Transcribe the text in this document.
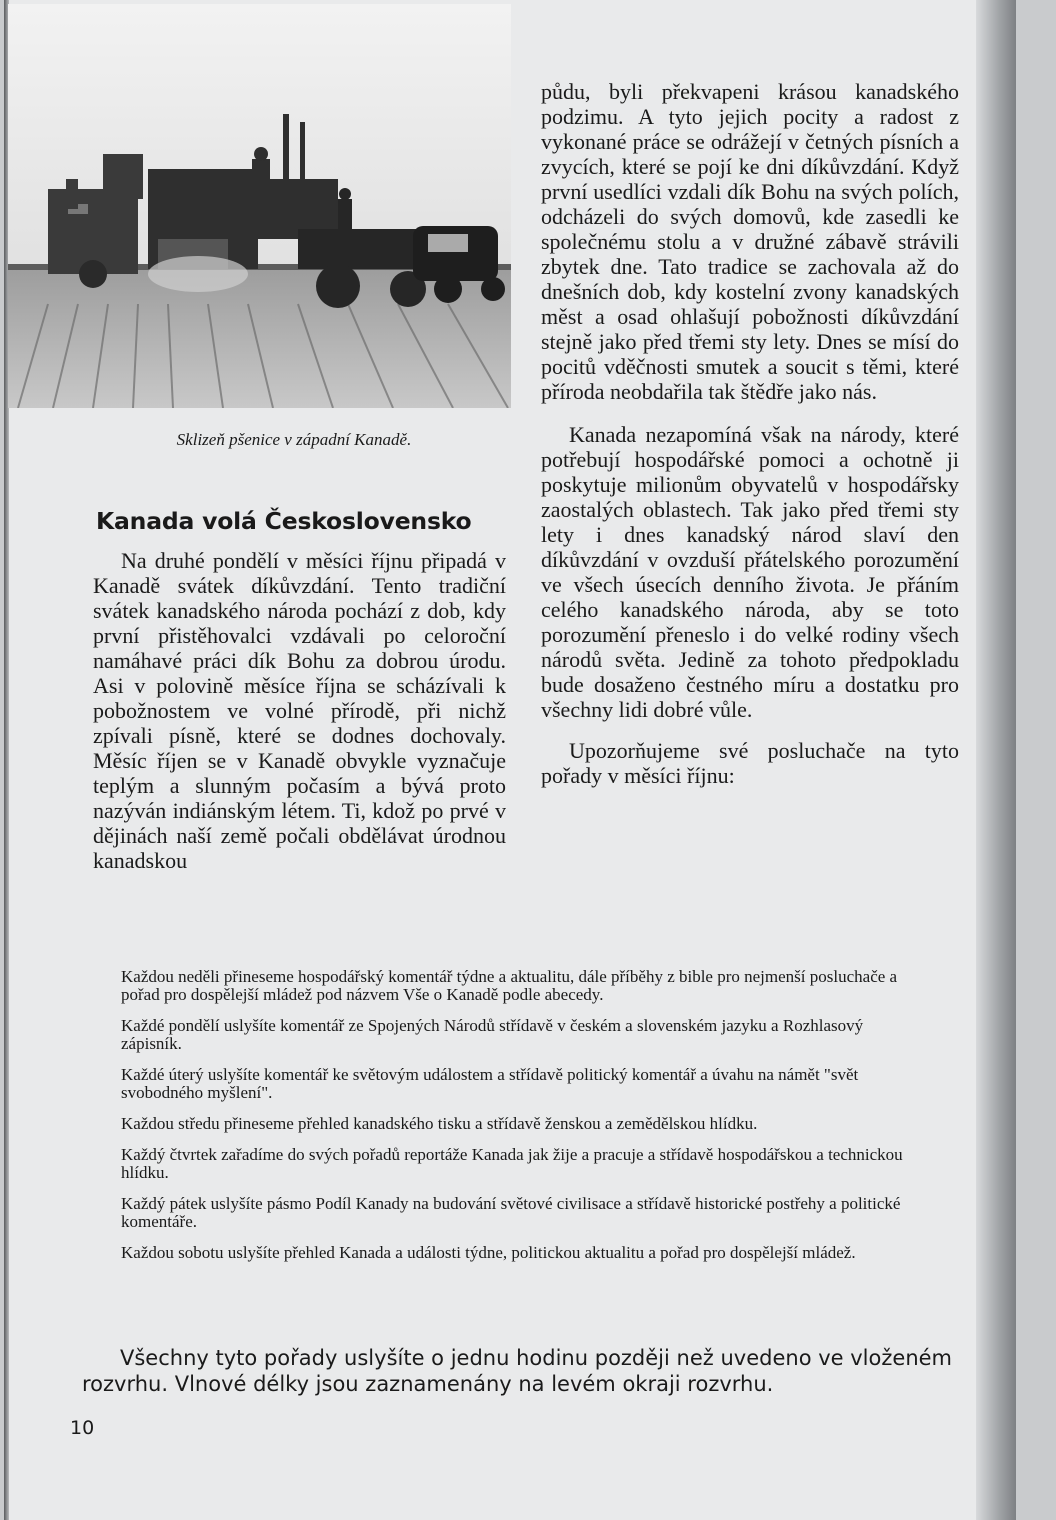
Sklizeň pšenice v západní Kanadě.
Kanada volá Československo

Na druhé pondělí v měsíci říjnu připadá v Kanadě svátek díkůvzdání. Tento tradiční svátek kanadského národa pochází z dob, kdy první přistěhovalci vzdávali po celoroční namáhavé práci dík Bohu za dobrou úrodu. Asi v polovině měsíce října se scházívali k pobožnostem ve volné přírodě, při nichž zpívali písně, které se dodnes dochovaly. Měsíc říjen se v Kanadě obvykle vyznačuje teplým a slunným počasím a bývá proto nazýván indiánským létem. Ti, kdož po prvé v dějinách naší země počali obdělávat úrodnou kanadskou

půdu, byli překvapeni krásou kanadského podzimu. A tyto jejich pocity a radost z vykonané práce se odrážejí v četných písních a zvycích, které se pojí ke dni díkůvzdání. Když první usedlíci vzdali dík Bohu na svých polích, odcházeli do svých domovů, kde zasedli ke společnému stolu a v družné zábavě strávili zbytek dne. Tato tradice se zachovala až do dnešních dob, kdy kostelní zvony kanadských měst a osad ohlašují pobožnosti díkůvzdání stejně jako před třemi sty lety. Dnes se mísí do pocitů vděčnosti smutek a soucit s těmi, které příroda neobdařila tak štědře jako nás.

Kanada nezapomíná však na národy, které potřebují hospodářské pomoci a ochotně ji poskytuje milionům obyvatelů v hospodářsky zaostalých oblastech. Tak jako před třemi sty lety i dnes kanadský národ slaví den díkůvzdání v ovzduší přátelského porozumění ve všech úsecích denního života. Je přáním celého kanadského národa, aby se toto porozumění přeneslo i do velké rodiny všech národů světa. Jedině za tohoto předpokladu bude dosaženo čestného míru a dostatku pro všechny lidi dobré vůle.

Upozorňujeme své posluchače na tyto pořady v měsíci říjnu:

Každou neděli přineseme hospodářský komentář týdne a aktualitu, dále příběhy z bible pro nejmenší posluchače a pořad pro dospělejší mládež pod názvem Vše o Kanadě podle abecedy.

Každé pondělí uslyšíte komentář ze Spojených Národů střídavě v českém a slovenském jazyku a Rozhlasový zápisník.

Každé úterý uslyšíte komentář ke světovým událostem a střídavě politický komentář a úvahu na námět "svět svobodného myšlení".

Každou středu přineseme přehled kanadského tisku a střídavě ženskou a zemědělskou hlídku.

Každý čtvrtek zařadíme do svých pořadů reportáže Kanada jak žije a pracuje a střídavě hospodářskou a technickou hlídku.

Každý pátek uslyšíte pásmo Podíl Kanady na budování světové civilisace a střídavě historické postřehy a politické komentáře.

Každou sobotu uslyšíte přehled Kanada a události týdne, politickou aktualitu a pořad pro dospělejší mládež.

Všechny tyto pořady uslyšíte o jednu hodinu později než uvedeno ve vloženém rozvrhu. Vlnové délky jsou zaznamenány na levém okraji rozvrhu.
10
